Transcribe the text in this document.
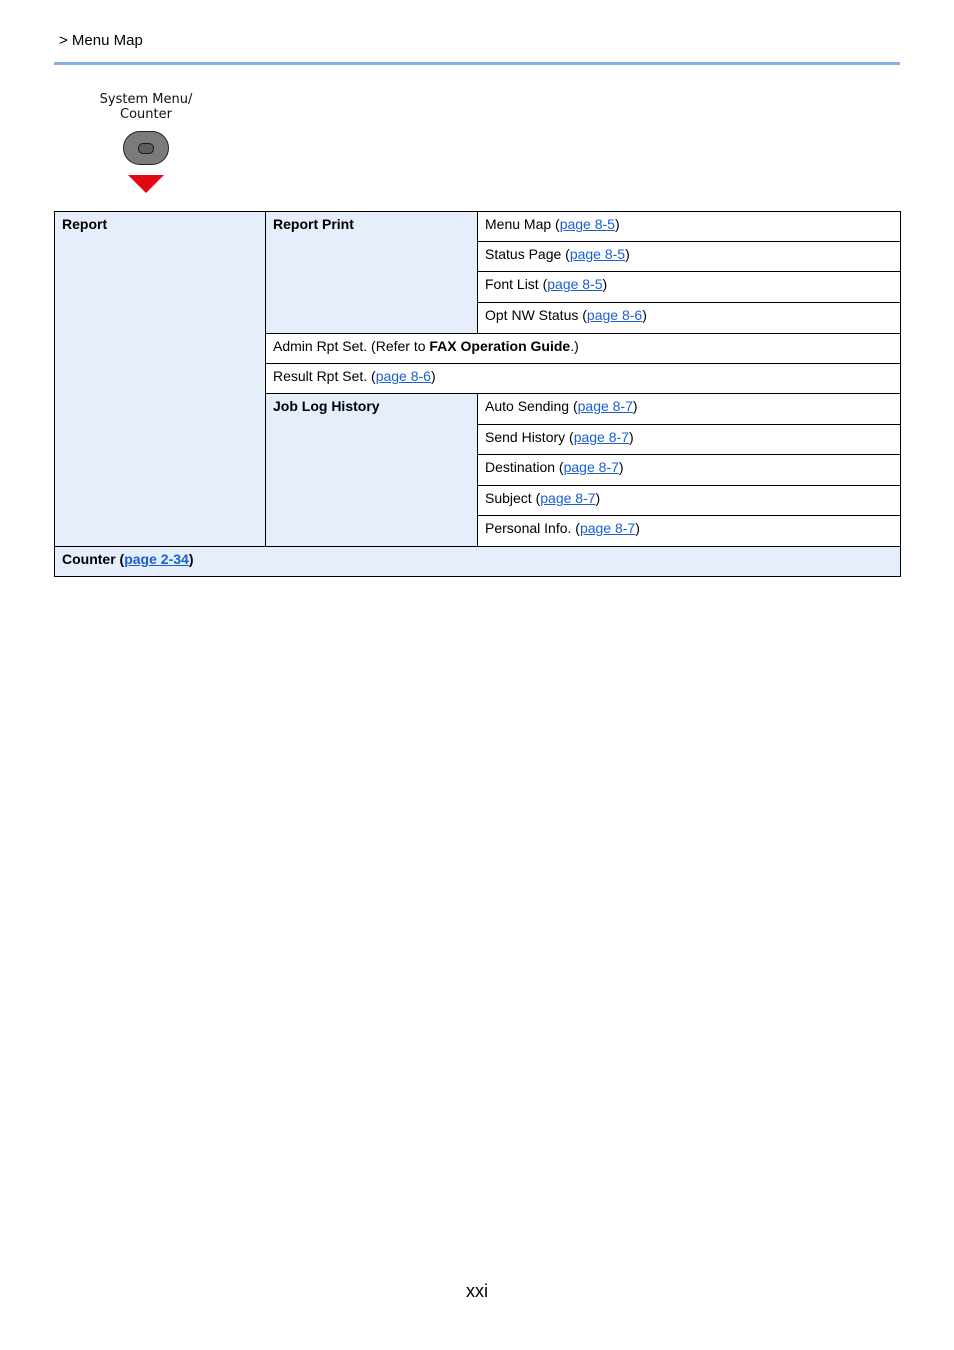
> Menu Map
System Menu/
Counter
Report	Report Print	Menu Map (page 8-5)
		Status Page (page 8-5)
		Font List (page 8-5)
		Opt NW Status (page 8-6)
	Admin Rpt Set. (Refer to FAX Operation Guide.)	
	Result Rpt Set. (page 8-6)	
	Job Log History	Auto Sending (page 8-7)
		Send History (page 8-7)
		Destination (page 8-7)
		Subject (page 8-7)
		Personal Info. (page 8-7)
Counter (page 2-34)		
xxi
